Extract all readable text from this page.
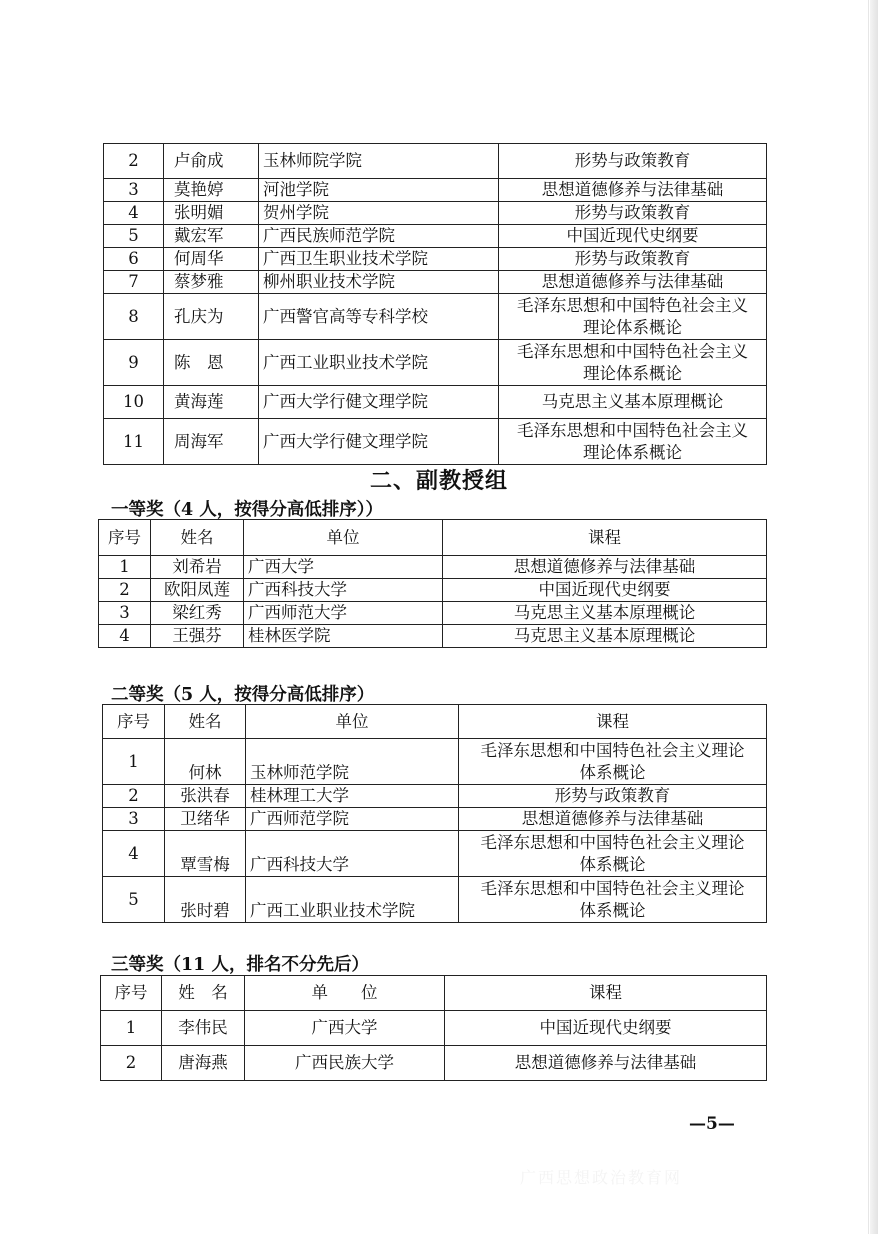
2	卢俞成	玉林师院学院	形势与政策教育

3	莫艳婷	河池学院	思想道德修养与法律基础

4	张明媚	贺州学院	形势与政策教育

5	戴宏军	广西民族师范学院	中国近现代史纲要

6	何周华	广西卫生职业技术学院	形势与政策教育

7	蔡梦雅	柳州职业技术学院	思想道德修养与法律基础

8	孔庆为	广西警官高等专科学校	毛泽东思想和中国特色社会主义
理论体系概论

9	陈　恩	广西工业职业技术学院	毛泽东思想和中国特色社会主义
理论体系概论

10	黄海莲	广西大学行健文理学院	马克思主义基本原理概论

11	周海军	广西大学行健文理学院	毛泽东思想和中国特色社会主义
理论体系概论
二、副教授组
一等奖（4 人，按得分高低排序））
序号	姓名	单位	课程
1	刘希岩	广西大学	思想道德修养与法律基础
2	欧阳凤莲	广西科技大学	中国近现代史纲要
3	梁红秀	广西师范大学	马克思主义基本原理概论
4	王强芬	桂林医学院	马克思主义基本原理概论
二等奖（5 人，按得分高低排序）
序号	姓名	单位	课程
1	何林	玉林师范学院	毛泽东思想和中国特色社会主义理论
体系概论

2	张洪春	桂林理工大学	形势与政策教育

3	卫绪华	广西师范学院	思想道德修养与法律基础

4	覃雪梅	广西科技大学	毛泽东思想和中国特色社会主义理论
体系概论

5	张时碧	广西工业职业技术学院	毛泽东思想和中国特色社会主义理论
体系概论
三等奖（11 人，排名不分先后）
序号	姓　名	单　　位	课程
1	李伟民	广西大学	中国近现代史纲要
2	唐海燕	广西民族大学	思想道德修养与法律基础
—5—
广西思想政治教育网
